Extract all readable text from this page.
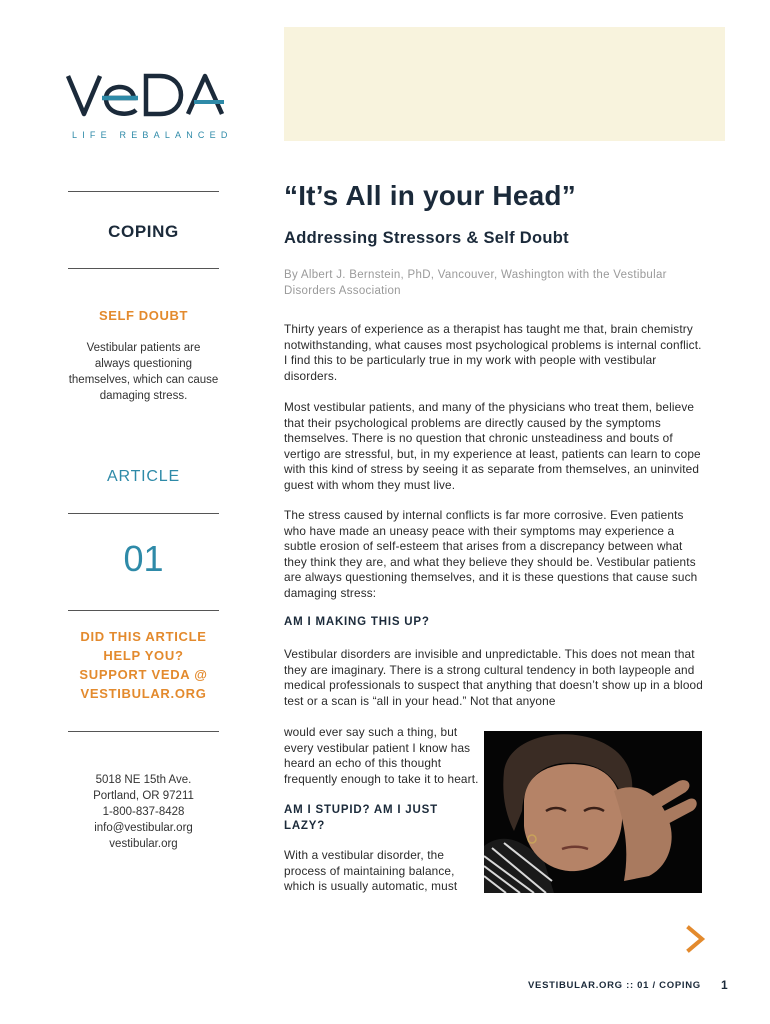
LIFE REBALANCED
COPING
SELF DOUBT
Vestibular patients are always questioning themselves, which can cause damaging stress.
ARTICLE
01
DID THIS ARTICLE HELP YOU? SUPPORT VEDA @ VESTIBULAR.ORG
5018 NE 15th Ave.
Portland, OR 97211
1-800-837-8428
info@vestibular.org
vestibular.org
“It’s All in your Head”
Addressing Stressors & Self Doubt
By Albert J. Bernstein, PhD, Vancouver, Washington with the Vestibular Disorders Association
Thirty years of experience as a therapist has taught me that, brain chemistry notwithstanding, what causes most psychological problems is internal conflict. I find this to be particularly true in my work with people with vestibular disorders.
Most vestibular patients, and many of the physicians who treat them, believe that their psychological problems are directly caused by the symptoms themselves. There is no question that chronic unsteadiness and bouts of vertigo are stressful, but, in my experience at least, patients can learn to cope with this kind of stress by seeing it as separate from themselves, an uninvited guest with whom they must live.
The stress caused by internal conflicts is far more corrosive. Even patients who have made an uneasy peace with their symptoms may experience a subtle erosion of self-esteem that arises from a discrepancy between what they think they are, and what they believe they should be. Vestibular patients are always questioning themselves, and it is these questions that cause such damaging stress:
AM I MAKING THIS UP?
Vestibular disorders are invisible and unpredictable. This does not mean that they are imaginary. There is a strong cultural tendency in both laypeople and medical professionals to suspect that anything that doesn’t show up in a blood test or a scan is “all in your head.” Not that anyone
would ever say such a thing, but every vestibular patient I know has heard an echo of this thought frequently enough to take it to heart.
AM I STUPID? AM I JUST LAZY?
With a vestibular disorder, the process of maintaining balance, which is usually automatic, must
VESTIBULAR.ORG :: 01 / COPING 1
